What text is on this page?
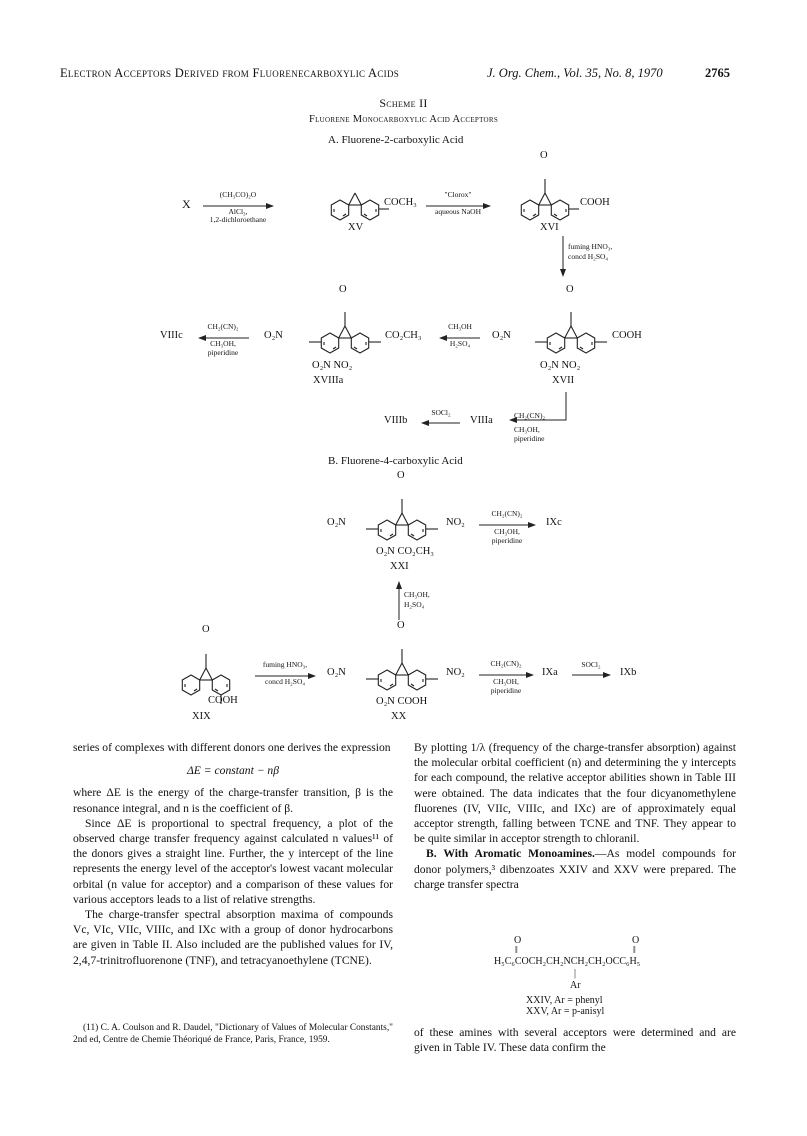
Electron Acceptors Derived from Fluorenecarboxylic Acids	J. Org. Chem., Vol. 35, No. 8, 1970	2765
Scheme II
Fluorene Monocarboxylic Acid Acceptors
A. Fluorene-2-carboxylic Acid
X
(CH₃CO)₂O
AlCl₃,
1,2-dichloroethane
COCH₃
XV
"Clorox"
aqueous NaOH
O
COOH
XVI
fuming HNO₃,
concd H₂SO₄
VIIIc
CH₂(CN)₂
CH₃OH,
piperidine
O₂N
O
CO₂CH₃
O₂N NO₂
XVIIIa
CH₃OH
H₂SO₄
O₂N
O
COOH
O₂N NO₂
XVII
CH₂(CN)₂
CH₃OH,
piperidine
VIIIa
SOCl₂
VIIIb
B. Fluorene-4-carboxylic Acid
O₂N
O
NO₂
O₂N CO₂CH₃
XXI
CH₂(CN)₂
CH₃OH,
piperidine
IXc
CH₃OH,
H₂SO₄
O
COOH
XIX
fuming HNO₃,
concd H₂SO₄
O₂N
O
NO₂
O₂N COOH
XX
CH₂(CN)₂
CH₃OH,
piperidine
IXa →
SOCl₂
IXb

series of complexes with different donors one derives the expression

ΔE = constant − nβ

where ΔE is the energy of the charge-transfer transition, β is the resonance integral, and n is the coefficient of β.

Since ΔE is proportional to spectral frequency, a plot of the observed charge transfer frequency against calculated n values¹¹ of the donors gives a straight line. Further, the y intercept of the line represents the energy level of the acceptor's lowest vacant molecular orbital (n value for acceptor) and a comparison of these values for various acceptors leads to a list of relative strengths.

The charge-transfer spectral absorption maxima of compounds Vc, VIc, VIIc, VIIIc, and IXc with a group of donor hydrocarbons are given in Table II. Also included are the published values for IV, 2,4,7-trinitrofluorenone (TNF), and tetracyanoethylene (TCNE).

(11) C. A. Coulson and R. Daudel, "Dictionary of Values of Molecular Constants," 2nd ed, Centre de Chemie Théoriqué de France, Paris, France, 1959.

By plotting 1/λ (frequency of the charge-transfer absorption) against the molecular orbital coefficient (n) and determining the y intercepts for each compound, the relative acceptor abilities shown in Table III were obtained. The data indicates that the four dicyanomethylene fluorenes (IV, VIIc, VIIIc, and IXc) are of approximately equal acceptor strength, falling between TCNE and TNF. They appear to be quite similar in acceptor strength to chloranil.

B. With Aromatic Monoamines.—As model compounds for donor polymers,³ dibenzoates XXIV and XXV were prepared. The charge transfer spectra

O	O
‖	‖
H₅C₆COCH₂CH₂NCH₂CH₂OCC₆H₅
|
Ar
XXIV, Ar = phenyl
XXV, Ar = p-anisyl

of these amines with several acceptors were determined and are given in Table IV. These data confirm the
